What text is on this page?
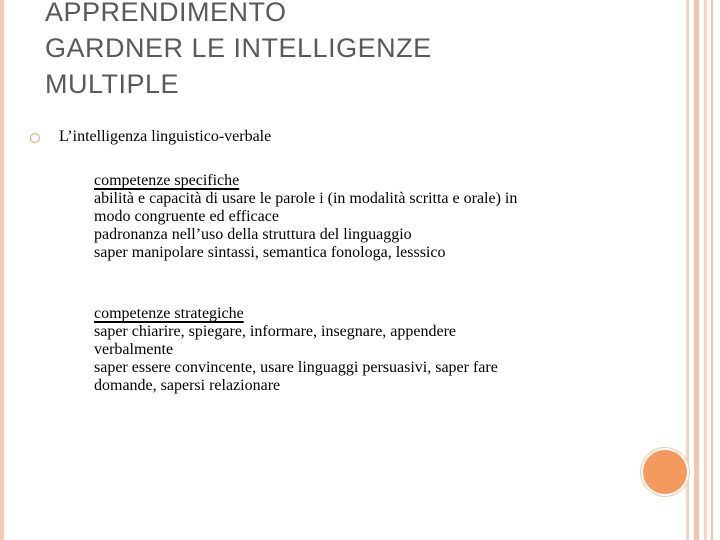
APPRENDIMENTO
GARDNER LE INTELLIGENZE
MULTIPLE
L’intelligenza linguistico-verbale
competenze specifiche
abilità e capacità di usare le parole i (in modalità scritta e orale) in
modo congruente ed efficace
padronanza nell’uso della struttura del linguaggio
saper manipolare sintassi, semantica fonologa, lesssico
competenze strategiche
saper chiarire, spiegare, informare, insegnare, appendere
verbalmente
saper essere convincente, usare linguaggi persuasivi, saper fare
domande, sapersi relazionare
